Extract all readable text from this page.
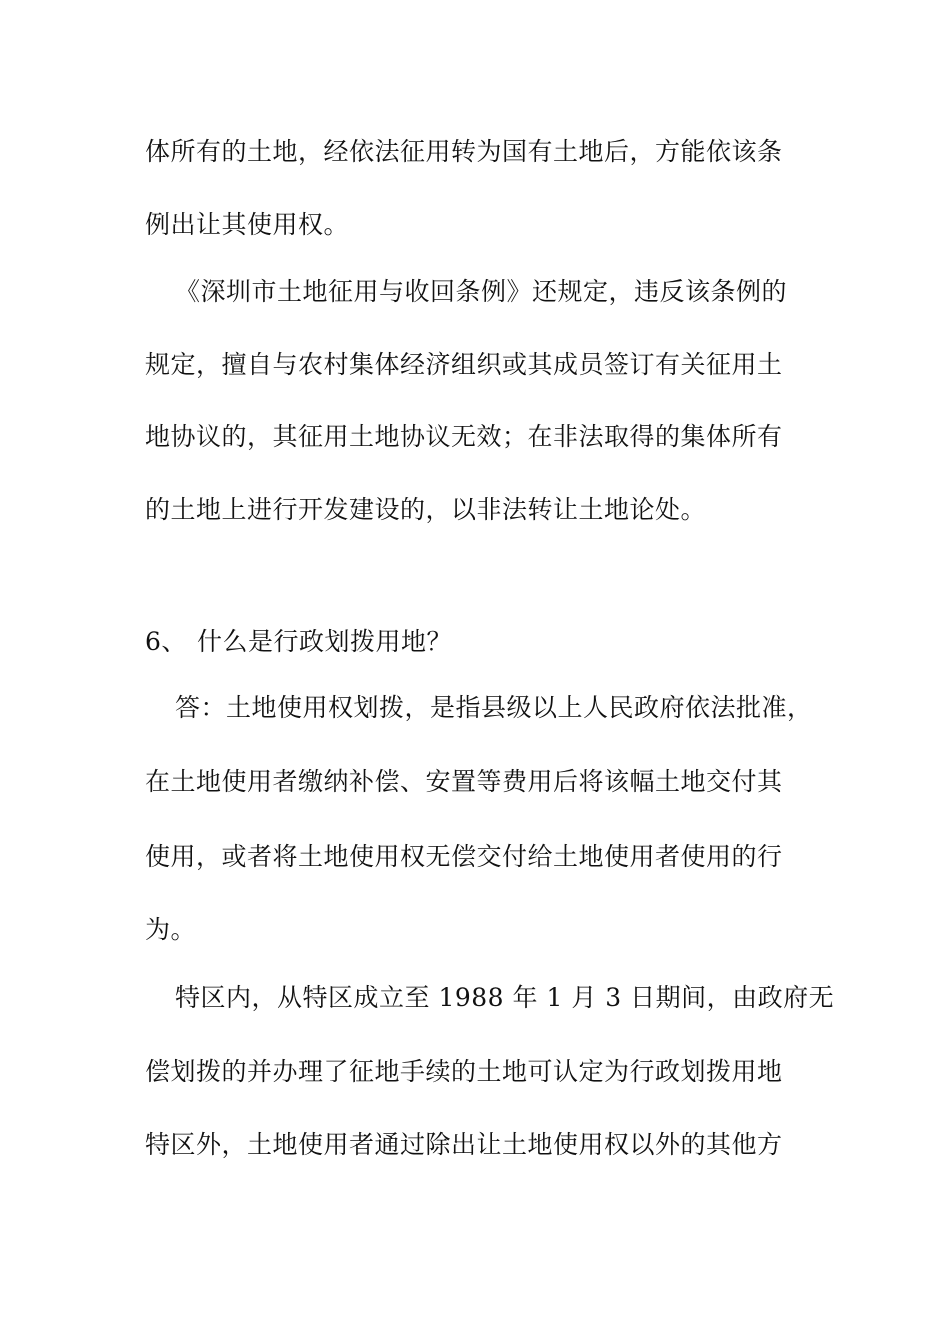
体所有的土地，经依法征用转为国有土地后，方能依该条
例出让其使用权。
《深圳市土地征用与收回条例》还规定，违反该条例的
规定，擅自与农村集体经济组织或其成员签订有关征用土
地协议的，其征用土地协议无效；在非法取得的集体所有
的土地上进行开发建设的，以非法转让土地论处。
6、 什么是行政划拨用地？
答：土地使用权划拨，是指县级以上人民政府依法批准，
在土地使用者缴纳补偿、安置等费用后将该幅土地交付其
使用，或者将土地使用权无偿交付给土地使用者使用的行
为。
特区内，从特区成立至 1988 年 1 月 3 日期间，由政府无
偿划拨的并办理了征地手续的土地可认定为行政划拨用地
特区外，土地使用者通过除出让土地使用权以外的其他方
